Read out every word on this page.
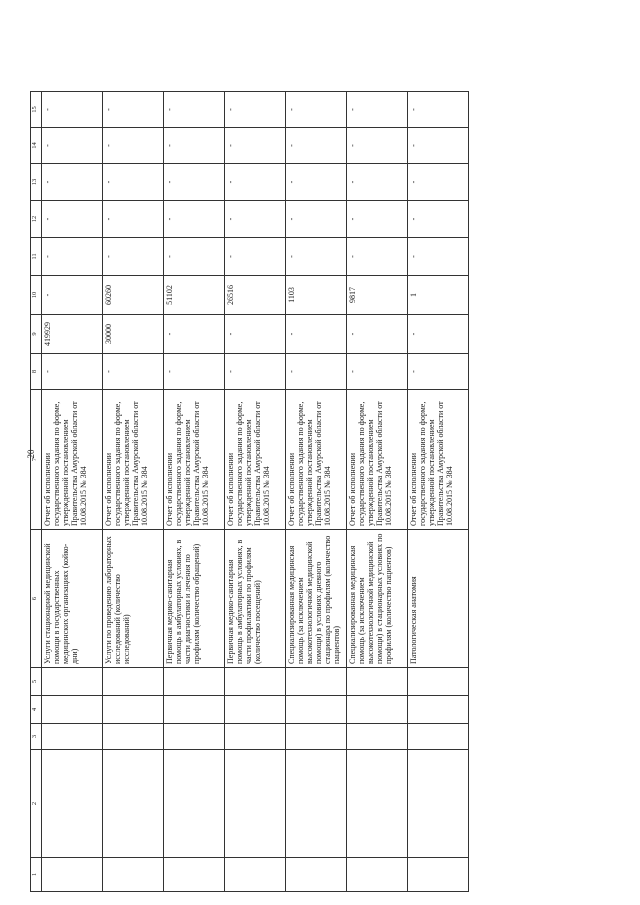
20
1	2	3	4	5	6	7	8	9	10	11	12	13	14	15
					Услуги стационарной медицинской помощи в государственных медицинских организациях (койко-дни)	Отчет об исполнении государственного задания по форме, утвержденной постановлением Правительства Амурской области от 10.08.2015 № 384	-	419929	-	-	-	-	-	-
					Услуги по проведению лабораторных исследований (количество исследований)	Отчет об исполнении государственного задания по форме, утвержденной постановлением Правительства Амурской области от 10.08.2015 № 384	-	30000	60260	-	-	-	-	-
					Первичная медико-санитарная помощь в амбулаторных условиях, в части диагностики и лечения по профилям (количество обращений)	Отчет об исполнении государственного задания по форме, утвержденной постановлением Правительства Амурской области от 10.08.2015 № 384	-	-	51102	-	-	-	-	-
					Первичная медико-санитарная помощь в амбулаторных условиях, в части профилактики по профилям (количество посещений)	Отчет об исполнении государственного задания по форме, утвержденной постановлением Правительства Амурской области от 10.08.2015 № 384	-	-	26516	-	-	-	-	-
					Специализированная медицинская помощь (за исключением высокотехнологичной медицинской помощи) в условиях дневного стационара по профилям (количество пациентов)	Отчет об исполнении государственного задания по форме, утвержденной постановлением Правительства Амурской области от 10.08.2015 № 384	-	-	1103	-	-	-	-	-
					Специализированная медицинская помощь (за исключением высокотехнологичной медицинской помощи) в стационарных условиях по профилям (количество пациентов)	Отчет об исполнении государственного задания по форме, утвержденной постановлением Правительства Амурской области от 10.08.2015 № 384	-	-	9817	-	-	-	-	-
					Патологическая анатомия	Отчет об исполнении государственного задания по форме, утвержденной постановлением Правительства Амурской области от 10.08.2015 № 384	-	-	1	-	-	-	-	-
